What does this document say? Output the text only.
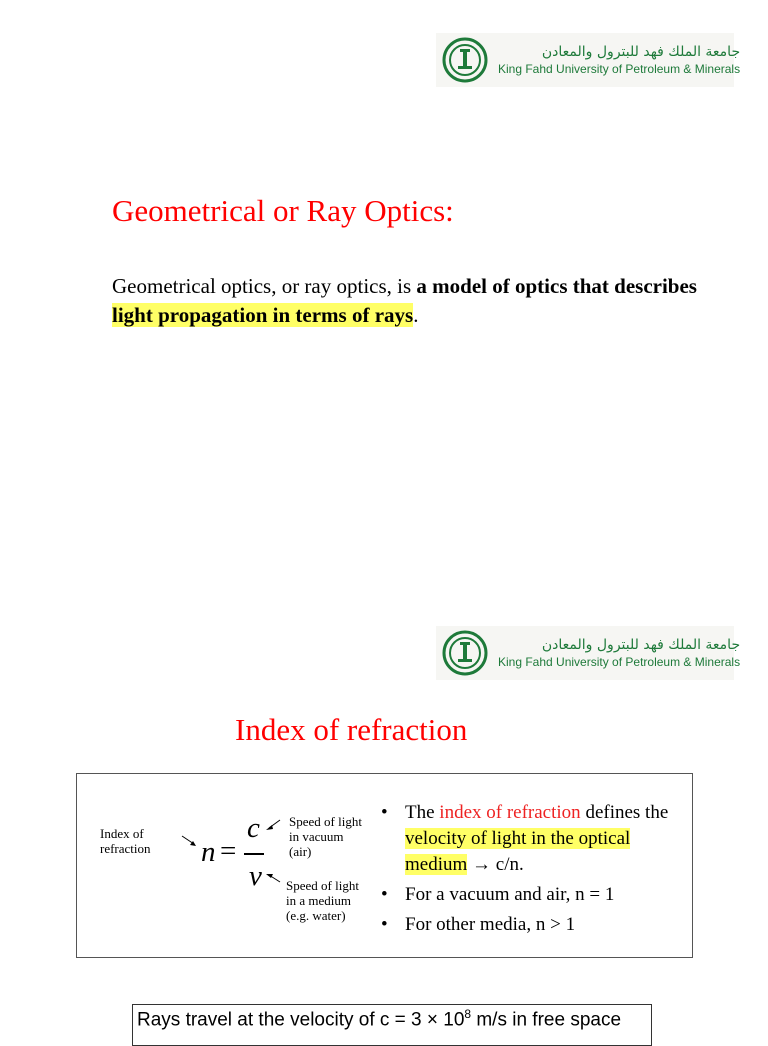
جامعة الملك فهد للبترول والمعادن
King Fahd University of Petroleum & Minerals
Geometrical or Ray Optics:
Geometrical optics, or ray optics, is a model of optics that describes light propagation in terms of rays.
جامعة الملك فهد للبترول والمعادن
King Fahd University of Petroleum & Minerals
Index of refraction
Index of refraction	n =
c
v
Speed of light in vacuum (air)
Speed of light in a medium (e.g. water)
• The index of refraction defines the velocity of light in the optical medium → c/n.
• For a vacuum and air, n = 1
• For other media, n > 1
Rays travel at the velocity of $c = 3 \times 10^8$ m/s in free space
